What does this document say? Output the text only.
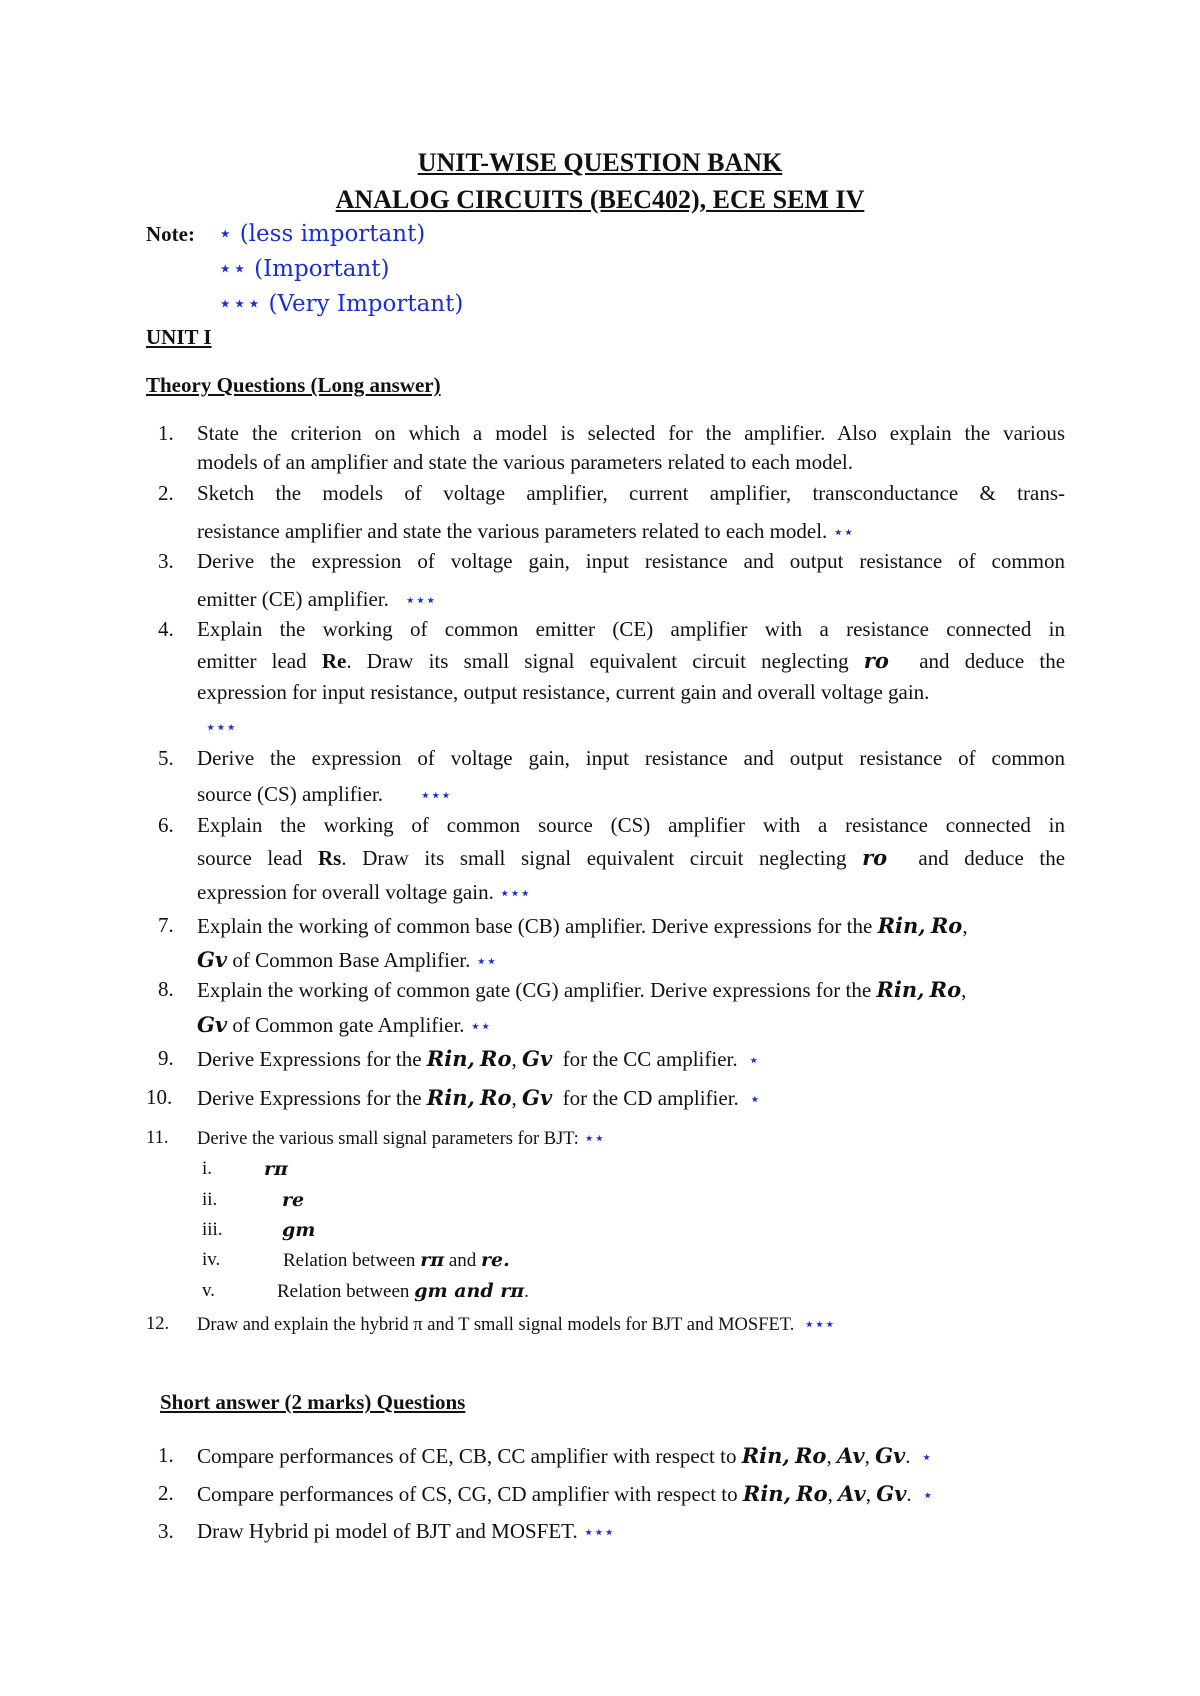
UNIT-WISE QUESTION BANK
ANALOG CIRCUITS (BEC402), ECE SEM IV
Note: ⋆ (less important)
⋆⋆ (Important)
⋆⋆⋆ (Very Important)
UNIT I
Theory Questions (Long answer)
1. State the criterion on which a model is selected for the amplifier. Also explain the various
models of an amplifier and state the various parameters related to each model.
2. Sketch the models of voltage amplifier, current amplifier, transconductance & trans-
resistance amplifier and state the various parameters related to each model. ⋆⋆
3. Derive the expression of voltage gain, input resistance and output resistance of common
emitter (CE) amplifier. ⋆⋆⋆
4. Explain the working of common emitter (CE) amplifier with a resistance connected in
emitter lead Re. Draw its small signal equivalent circuit neglecting ro and deduce the
expression for input resistance, output resistance, current gain and overall voltage gain.
⋆⋆⋆
5. Derive the expression of voltage gain, input resistance and output resistance of common
source (CS) amplifier. ⋆⋆⋆
6. Explain the working of common source (CS) amplifier with a resistance connected in
source lead Rs. Draw its small signal equivalent circuit neglecting ro and deduce the
expression for overall voltage gain. ⋆⋆⋆
7. Explain the working of common base (CB) amplifier. Derive expressions for the Rin, Ro,
Gv of Common Base Amplifier. ⋆⋆
8. Explain the working of common gate (CG) amplifier. Derive expressions for the Rin, Ro,
Gv of Common gate Amplifier. ⋆⋆
9. Derive Expressions for the Rin, Ro, Gv for the CC amplifier. ⋆
10. Derive Expressions for the Rin, Ro, Gv for the CD amplifier. ⋆
11. Derive the various small signal parameters for BJT: ⋆⋆
i.	rπ
ii.	re
iii.	gm
iv.	Relation between rπ and re.
v.	Relation between gm and rπ.
12. Draw and explain the hybrid π and T small signal models for BJT and MOSFET. ⋆⋆⋆
Short answer (2 marks) Questions
1. Compare performances of CE, CB, CC amplifier with respect to Rin, Ro, Av, Gv. ⋆
2. Compare performances of CS, CG, CD amplifier with respect to Rin, Ro, Av, Gv. ⋆
3. Draw Hybrid pi model of BJT and MOSFET. ⋆⋆⋆
